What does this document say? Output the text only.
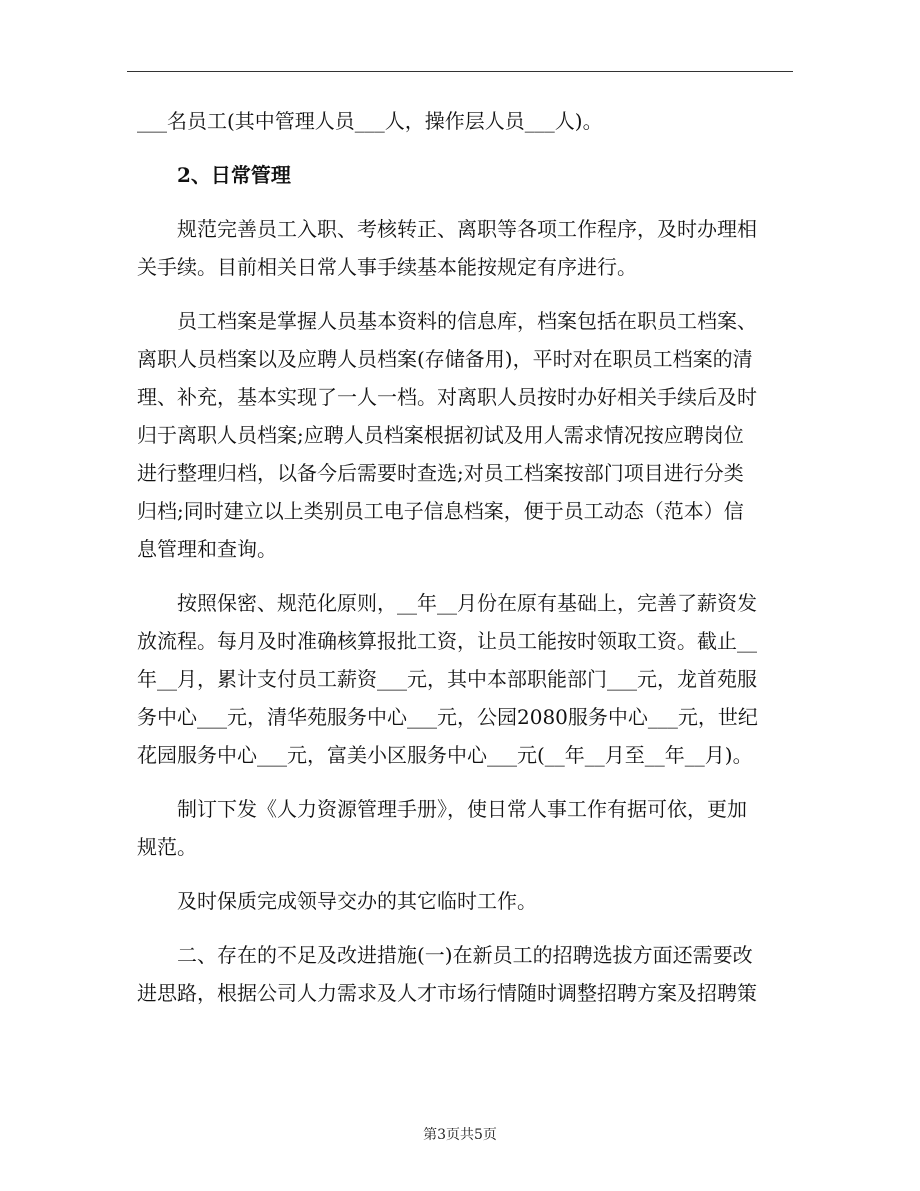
___名员工(其中管理人员___人，操作层人员___人)。
2、日常管理
规范完善员工入职、考核转正、离职等各项工作程序，及时办理相
关手续。目前相关日常人事手续基本能按规定有序进行。
员工档案是掌握人员基本资料的信息库，档案包括在职员工档案、
离职人员档案以及应聘人员档案(存储备用)，平时对在职员工档案的清
理、补充，基本实现了一人一档。对离职人员按时办好相关手续后及时
归于离职人员档案;应聘人员档案根据初试及用人需求情况按应聘岗位
进行整理归档，以备今后需要时查选;对员工档案按部门项目进行分类
归档;同时建立以上类别员工电子信息档案，便于员工动态（范本）信
息管理和查询。
按照保密、规范化原则，__年__月份在原有基础上，完善了薪资发
放流程。每月及时准确核算报批工资，让员工能按时领取工资。截止__
年__月，累计支付员工薪资___元，其中本部职能部门___元，龙首苑服
务中心___元，清华苑服务中心___元，公园2080服务中心___元，世纪
花园服务中心___元，富美小区服务中心___元(__年__月至__年__月)。
制订下发《人力资源管理手册》，使日常人事工作有据可依，更加
规范。
及时保质完成领导交办的其它临时工作。
二、存在的不足及改进措施(一)在新员工的招聘选拔方面还需要改
进思路，根据公司人力需求及人才市场行情随时调整招聘方案及招聘策
第3页共5页
